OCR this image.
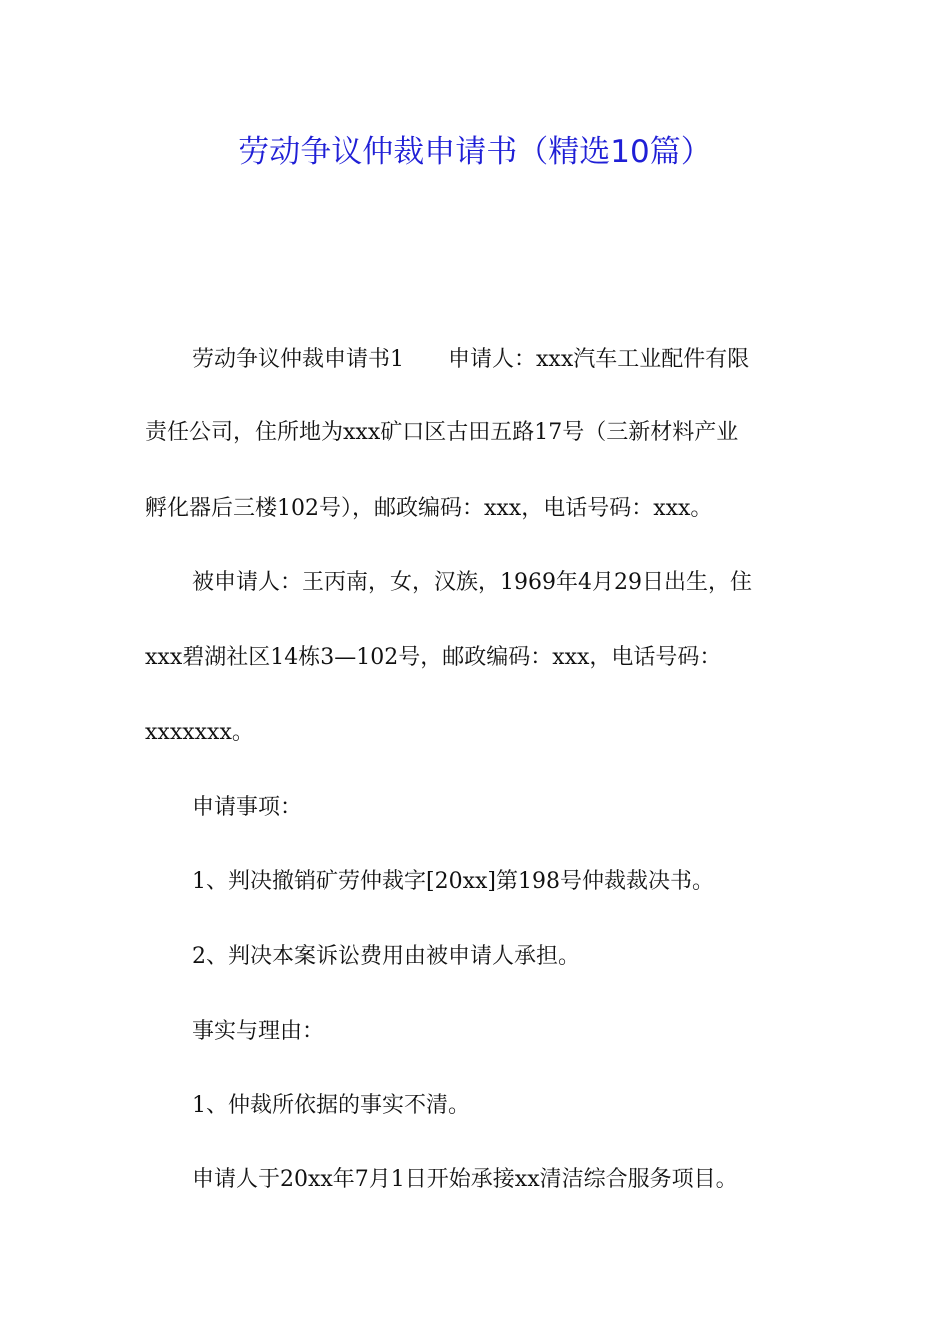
劳动争议仲裁申请书（精选10篇）
劳动争议仲裁申请书1　　申请人：xxx汽车工业配件有限
责任公司，住所地为xxx矿口区古田五路17号（三新材料产业
孵化器后三楼102号），邮政编码：xxx，电话号码：xxx。
被申请人：王丙南，女，汉族，1969年4月29日出生，住
xxx碧湖社区14栋3—102号，邮政编码：xxx，电话号码：
xxxxxxx。
申请事项：
1、判决撤销矿劳仲裁字[20xx]第198号仲裁裁决书。
2、判决本案诉讼费用由被申请人承担。
事实与理由：
1、仲裁所依据的事实不清。
申请人于20xx年7月1日开始承接xx清洁综合服务项目。
